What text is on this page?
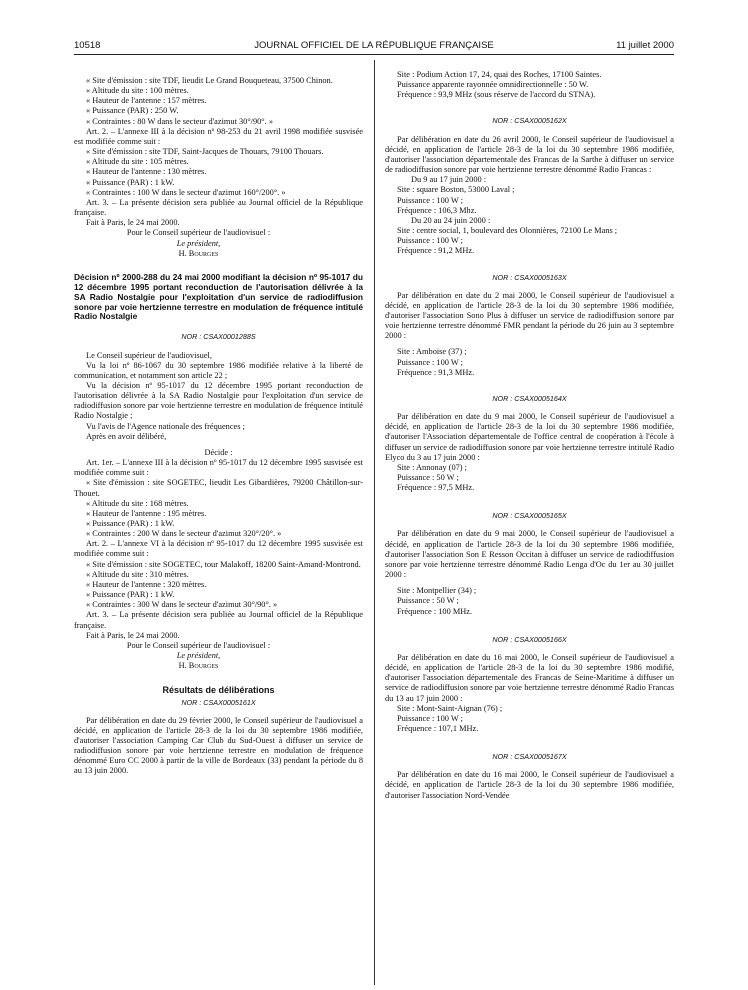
10518	JOURNAL OFFICIEL DE LA RÉPUBLIQUE FRANÇAISE	11 juillet 2000

« Site d'émission : site TDF, lieudit Le Grand Bouqueteau, 37500 Chinon.

« Altitude du site : 100 mètres.

« Hauteur de l'antenne : 157 mètres.

« Puissance (PAR) : 250 W.

« Contraintes : 80 W dans le secteur d'azimut 30°/90°. »

Art. 2. – L'annexe III à la décision nº 98-253 du 21 avril 1998 modifiée susvisée est modifiée comme suit :

« Site d'émission : site TDF, Saint-Jacques de Thouars, 79100 Thouars.

« Altitude du site : 105 mètres.

« Hauteur de l'antenne : 130 mètres.

« Puissance (PAR) : 1 kW.

« Contraintes : 100 W dans le secteur d'azimut 160°/200°. »

Art. 3. – La présente décision sera publiée au Journal officiel de la République française.

Fait à Paris, le 24 mai 2000.

Pour le Conseil supérieur de l'audiovisuel :

Le président,

H. Bourges

Décision nº 2000-288 du 24 mai 2000 modifiant la décision nº 95-1017 du 12 décembre 1995 portant reconduction de l'autorisation délivrée à la SA Radio Nostalgie pour l'exploitation d'un service de radiodiffusion sonore par voie hertzienne terrestre en modulation de fréquence intitulé Radio Nostalgie

NOR : CSAX0001288S

Le Conseil supérieur de l'audiovisuel,

Vu la loi nº 86-1067 du 30 septembre 1986 modifiée relative à la liberté de communication, et notamment son article 22 ;

Vu la décision nº 95-1017 du 12 décembre 1995 portant reconduction de l'autorisation délivrée à la SA Radio Nostalgie pour l'exploitation d'un service de radiodiffusion sonore par voie hertzienne terrestre en modulation de fréquence intitulé Radio Nostalgie ;

Vu l'avis de l'Agence nationale des fréquences ;

Après en avoir délibéré,

Décide :

Art. 1er. – L'annexe III à la décision nº 95-1017 du 12 décembre 1995 susvisée est modifiée comme suit :

« Site d'émission : site SOGETEC, lieudit Les Gibardières, 79200 Châtillon-sur-Thouet.

« Altitude du site : 168 mètres.

« Hauteur de l'antenne : 195 mètres.

« Puissance (PAR) : 1 kW.

« Contraintes : 200 W dans le secteur d'azimut 320°/20°. »

Art. 2. – L'annexe VI à la décision nº 95-1017 du 12 décembre 1995 susvisée est modifiée comme suit :

« Site d'émission : site SOGETEC, tour Malakoff, 18200 Saint-Amand-Montrond.

« Altitude du site : 310 mètres.

« Hauteur de l'antenne : 320 mètres.

« Puissance (PAR) : 1 kW.

« Contraintes : 300 W dans le secteur d'azimut 30°/90°. »

Art. 3. – La présente décision sera publiée au Journal officiel de la République française.

Fait à Paris, le 24 mai 2000.

Pour le Conseil supérieur de l'audiovisuel :

Le président,

H. Bourges

Résultats de délibérations

NOR : CSAX0005161X

Par délibération en date du 29 février 2000, le Conseil supérieur de l'audiovisuel a décidé, en application de l'article 28-3 de la loi du 30 septembre 1986 modifiée, d'autoriser l'association Camping Car Club du Sud-Ouest à diffuser un service de radiodiffusion sonore par voie hertzienne terrestre en modulation de fréquence dénommé Euro CC 2000 à partir de la ville de Bordeaux (33) pendant la période du 8 au 13 juin 2000.

Site : Podium Action 17, 24, quai des Roches, 17100 Saintes.

Puissance apparente rayonnée omnidirectionnelle : 50 W.

Fréquence : 93,9 MHz (sous réserve de l'accord du STNA).

NOR : CSAX0005162X

Par délibération en date du 26 avril 2000, le Conseil supérieur de l'audiovisuel a décidé, en application de l'article 28-3 de la loi du 30 septembre 1986 modifiée, d'autoriser l'association départementale des Francas de la Sarthe à diffuser un service de radiodiffusion sonore par voie hertzienne terrestre dénommé Radio Francas :

Du 9 au 17 juin 2000 :

Site : square Boston, 53000 Laval ;

Puissance : 100 W ;

Fréquence : 106,3 Mhz.

Du 20 au 24 juin 2000 :

Site : centre social, 1, boulevard des Olonnières, 72100 Le Mans ;

Puissance : 100 W ;

Fréquence : 91,2 MHz.

NOR : CSAX0005163X

Par délibération en date du 2 mai 2000, le Conseil supérieur de l'audiovisuel a décidé, en application de l'article 28-3 de la loi du 30 septembre 1986 modifiée, d'autoriser l'association Sono Plus à diffuser un service de radiodiffusion sonore par voie hertzienne terrestre dénommé FMR pendant la période du 26 juin au 3 septembre 2000 :

Site : Amboise (37) ;

Puissance : 100 W ;

Fréquence : 91,3 MHz.

NOR : CSAX0005164X

Par délibération en date du 9 mai 2000, le Conseil supérieur de l'audiovisuel a décidé, en application de l'article 28-3 de la loi du 30 septembre 1986 modifiée, d'autoriser l'Association départementale de l'office central de coopération à l'école à diffuser un service de radiodiffusion sonore par voie hertzienne terrestre intitulé Radio Elyco du 3 au 17 juin 2000 :

Site : Annonay (07) ;

Puissance : 50 W ;

Fréquence : 97,5 MHz.

NOR : CSAX0005165X

Par délibération en date du 9 mai 2000, le Conseil supérieur de l'audiovisuel a décidé, en application de l'article 28-3 de la loi du 30 septembre 1986 modifiée, d'autoriser l'association Son E Resson Occitan à diffuser un service de radiodiffusion sonore par voie hertzienne terrestre dénommé Radio Lenga d'Oc du 1er au 30 juillet 2000 :

Site : Montpellier (34) ;

Puissance : 50 W ;

Fréquence : 100 MHz.

NOR : CSAX0005166X

Par délibération en date du 16 mai 2000, le Conseil supérieur de l'audiovisuel a décidé, en application de l'article 28-3 de la loi du 30 septembre 1986 modifié, d'autoriser l'association départementale des Francas de Seine-Maritime à diffuser un service de radiodiffusion sonore par voie hertzienne terrestre dénommé Radio Francas du 13 au 17 juin 2000 :

Site : Mont-Saint-Aignan (76) ;

Puissance : 100 W ;

Fréquence : 107,1 MHz.

NOR : CSAX0005167X

Par délibération en date du 16 mai 2000, le Conseil supérieur de l'audiovisuel a décidé, en application de l'article 28-3 de la loi du 30 septembre 1986 modifiée, d'autoriser l'association Nord-Vendée
